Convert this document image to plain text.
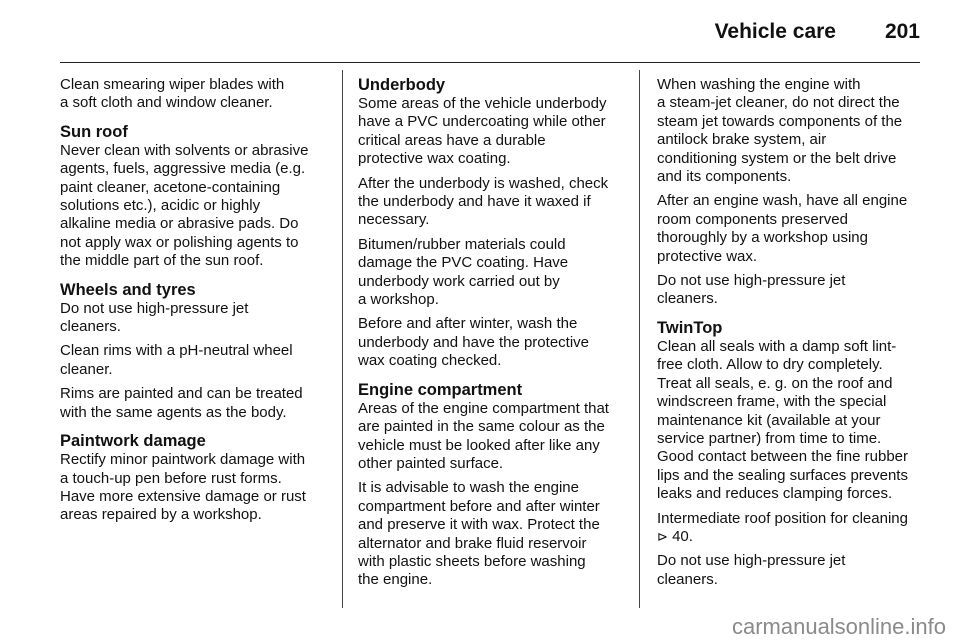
Vehicle care 201

Clean smearing wiper blades with
a soft cloth and window cleaner.

Sun roof

Never clean with solvents or abrasive
agents, fuels, aggressive media (e.g.
paint cleaner, acetone-containing
solutions etc.), acidic or highly
alkaline media or abrasive pads. Do
not apply wax or polishing agents to
the middle part of the sun roof.

Wheels and tyres

Do not use high-pressure jet
cleaners.

Clean rims with a pH-neutral wheel
cleaner.

Rims are painted and can be treated
with the same agents as the body.

Paintwork damage

Rectify minor paintwork damage with
a touch-up pen before rust forms.
Have more extensive damage or rust
areas repaired by a workshop.

Underbody

Some areas of the vehicle underbody
have a PVC undercoating while other
critical areas have a durable
protective wax coating.

After the underbody is washed, check
the underbody and have it waxed if
necessary.

Bitumen/rubber materials could
damage the PVC coating. Have
underbody work carried out by
a workshop.

Before and after winter, wash the
underbody and have the protective
wax coating checked.

Engine compartment

Areas of the engine compartment that
are painted in the same colour as the
vehicle must be looked after like any
other painted surface.

It is advisable to wash the engine
compartment before and after winter
and preserve it with wax. Protect the
alternator and brake fluid reservoir
with plastic sheets before washing
the engine.

When washing the engine with
a steam-jet cleaner, do not direct the
steam jet towards components of the
antilock brake system, air
conditioning system or the belt drive
and its components.

After an engine wash, have all engine
room components preserved
thoroughly by a workshop using
protective wax.

Do not use high-pressure jet
cleaners.

TwinTop

Clean all seals with a damp soft lint-
free cloth. Allow to dry completely.
Treat all seals, e. g. on the roof and
windscreen frame, with the special
maintenance kit (available at your
service partner) from time to time.
Good contact between the fine rubber
lips and the sealing surfaces prevents
leaks and reduces clamping forces.

Intermediate roof position for cleaning
⊳ 40.

Do not use high-pressure jet
cleaners.

carmanualsonline.info
